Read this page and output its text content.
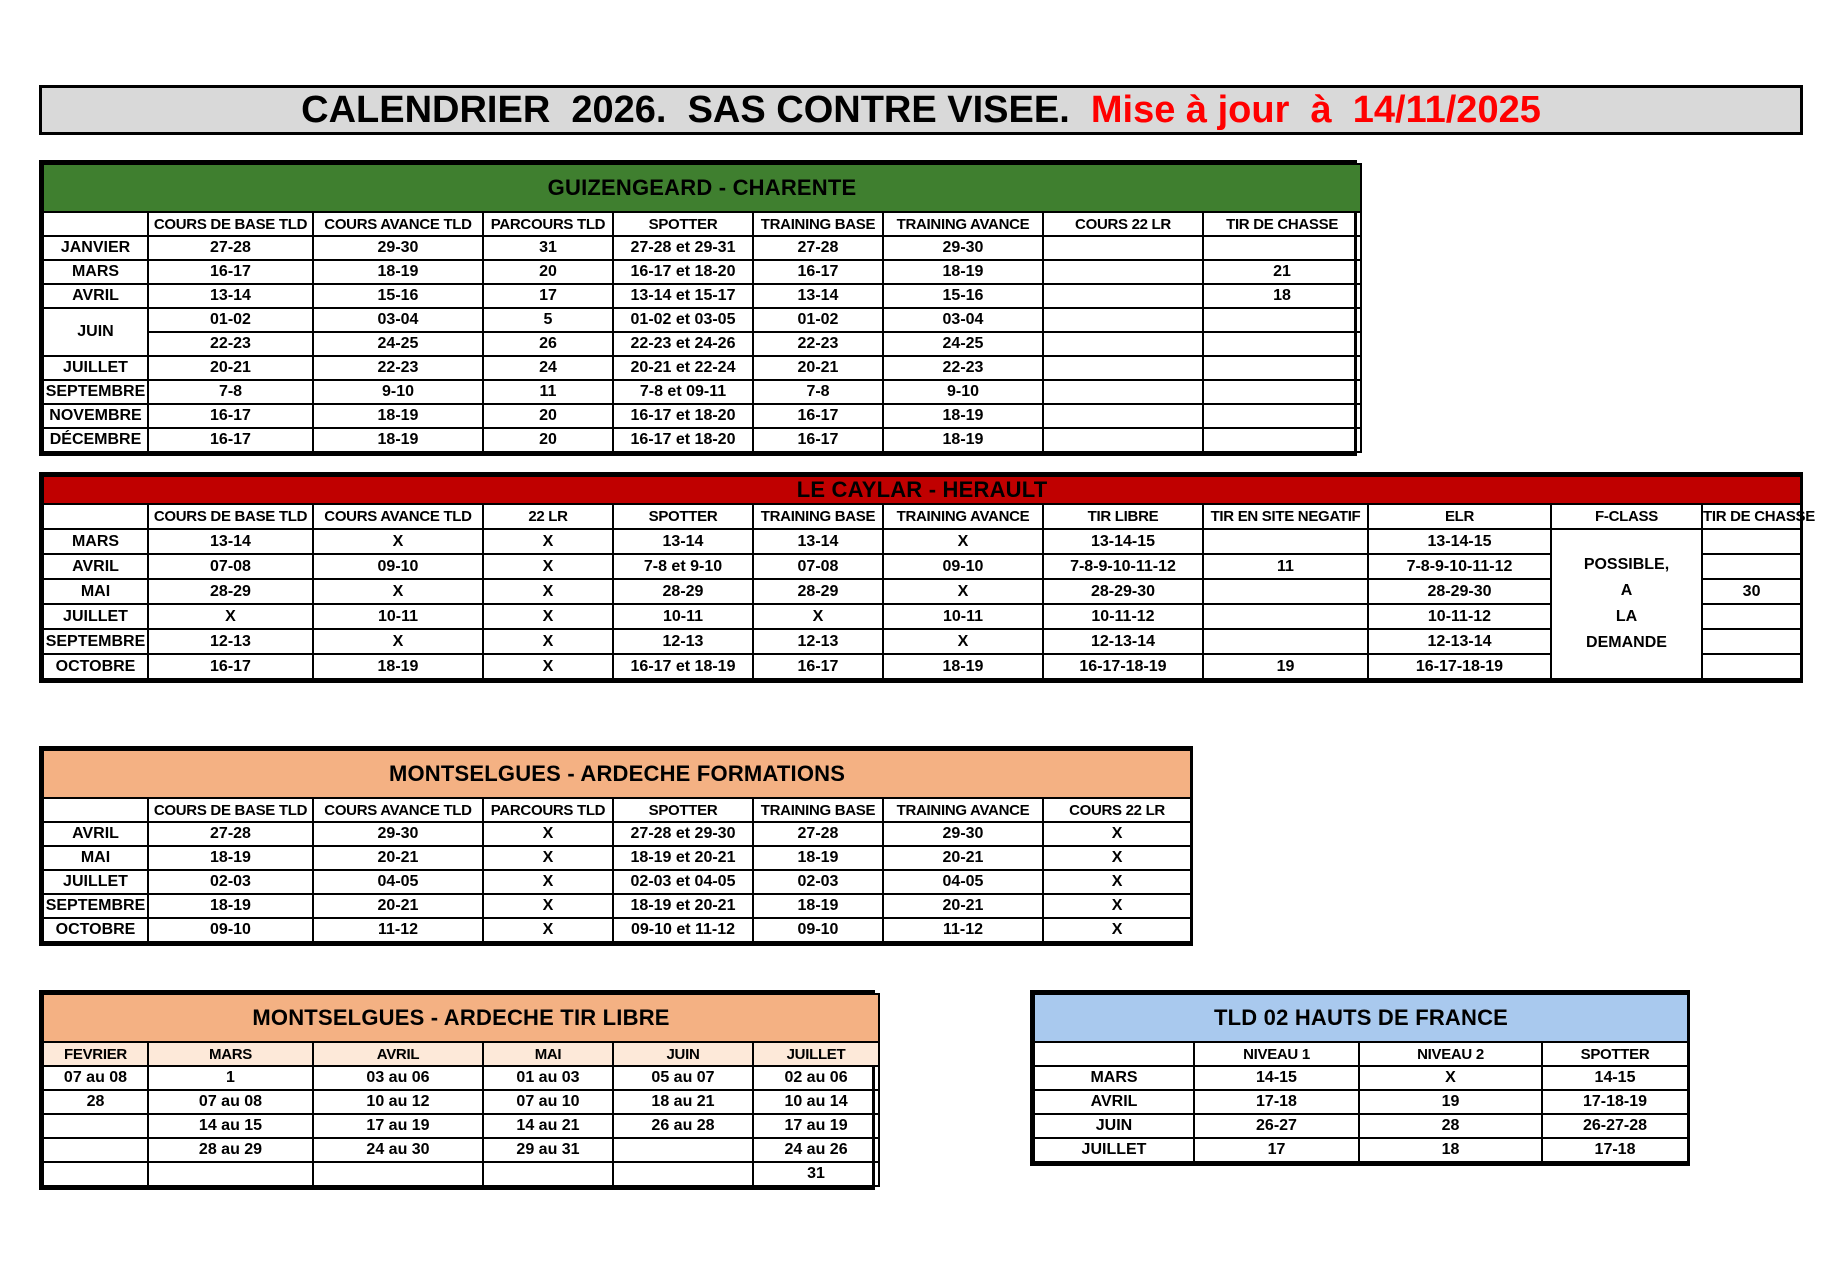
CALENDRIER  2026.  SAS CONTRE VISEE. Mise à jour  à  14/11/2025
GUIZENGEARD - CHARENTE								
	COURS DE BASE TLD	COURS AVANCE TLD	PARCOURS TLD	SPOTTER	TRAINING BASE	TRAINING AVANCE	COURS 22 LR	TIR DE CHASSE
JANVIER	27-28	29-30	31	27-28 et 29-31	27-28	29-30		
MARS	16-17	18-19	20	16-17 et 18-20	16-17	18-19		21
AVRIL	13-14	15-16	17	13-14 et 15-17	13-14	15-16		18
JUIN	01-02	03-04	5	01-02 et 03-05	01-02	03-04		
	22-23	24-25	26	22-23 et 24-26	22-23	24-25		
JUILLET	20-21	22-23	24	20-21 et 22-24	20-21	22-23		
SEPTEMBRE	7-8	9-10	11	7-8 et 09-11	7-8	9-10		
NOVEMBRE	16-17	18-19	20	16-17 et 18-20	16-17	18-19		
DÉCEMBRE	16-17	18-19	20	16-17 et 18-20	16-17	18-19		
LE CAYLAR - HERAULT											
	COURS DE BASE TLD	COURS AVANCE TLD	22 LR	SPOTTER	TRAINING BASE	TRAINING AVANCE	TIR LIBRE	TIR EN SITE NEGATIF	ELR	F-CLASS	TIR DE CHASSE
MARS	13-14	X	X	13-14	13-14	X	13-14-15		13-14-15	POSSIBLE,
A
LA
DEMANDE	

AVRIL	07-08	09-10	X	7-8 et 9-10	07-08	09-10	7-8-9-10-11-12	11	7-8-9-10-11-12		
MAI	28-29	X	X	28-29	28-29	X	28-29-30		28-29-30		30
JUILLET	X	10-11	X	10-11	X	10-11	10-11-12		10-11-12		
SEPTEMBRE	12-13	X	X	12-13	12-13	X	12-13-14		12-13-14		
OCTOBRE	16-17	18-19	X	16-17 et 18-19	16-17	18-19	16-17-18-19	19	16-17-18-19		
MONTSELGUES - ARDECHE FORMATIONS							
	COURS DE BASE TLD	COURS AVANCE TLD	PARCOURS TLD	SPOTTER	TRAINING BASE	TRAINING AVANCE	COURS 22 LR
AVRIL	27-28	29-30	X	27-28 et 29-30	27-28	29-30	X
MAI	18-19	20-21	X	18-19 et 20-21	18-19	20-21	X
JUILLET	02-03	04-05	X	02-03 et 04-05	02-03	04-05	X
SEPTEMBRE	18-19	20-21	X	18-19 et 20-21	18-19	20-21	X
OCTOBRE	09-10	11-12	X	09-10 et 11-12	09-10	11-12	X
MONTSELGUES - ARDECHE TIR LIBRE					
FEVRIER	MARS	AVRIL	MAI	JUIN	JUILLET
07 au 08	1	03 au 06	01 au 03	05 au 07	02 au 06
28	07 au 08	10 au 12	07 au 10	18 au 21	10 au 14
	14 au 15	17 au 19	14 au 21	26 au 28	17 au 19
	28 au 29	24 au 30	29 au 31		24 au 26
					31
TLD 02 HAUTS DE FRANCE			
	NIVEAU 1	NIVEAU 2	SPOTTER
MARS	14-15	X	14-15
AVRIL	17-18	19	17-18-19
JUIN	26-27	28	26-27-28
JUILLET	17	18	17-18
